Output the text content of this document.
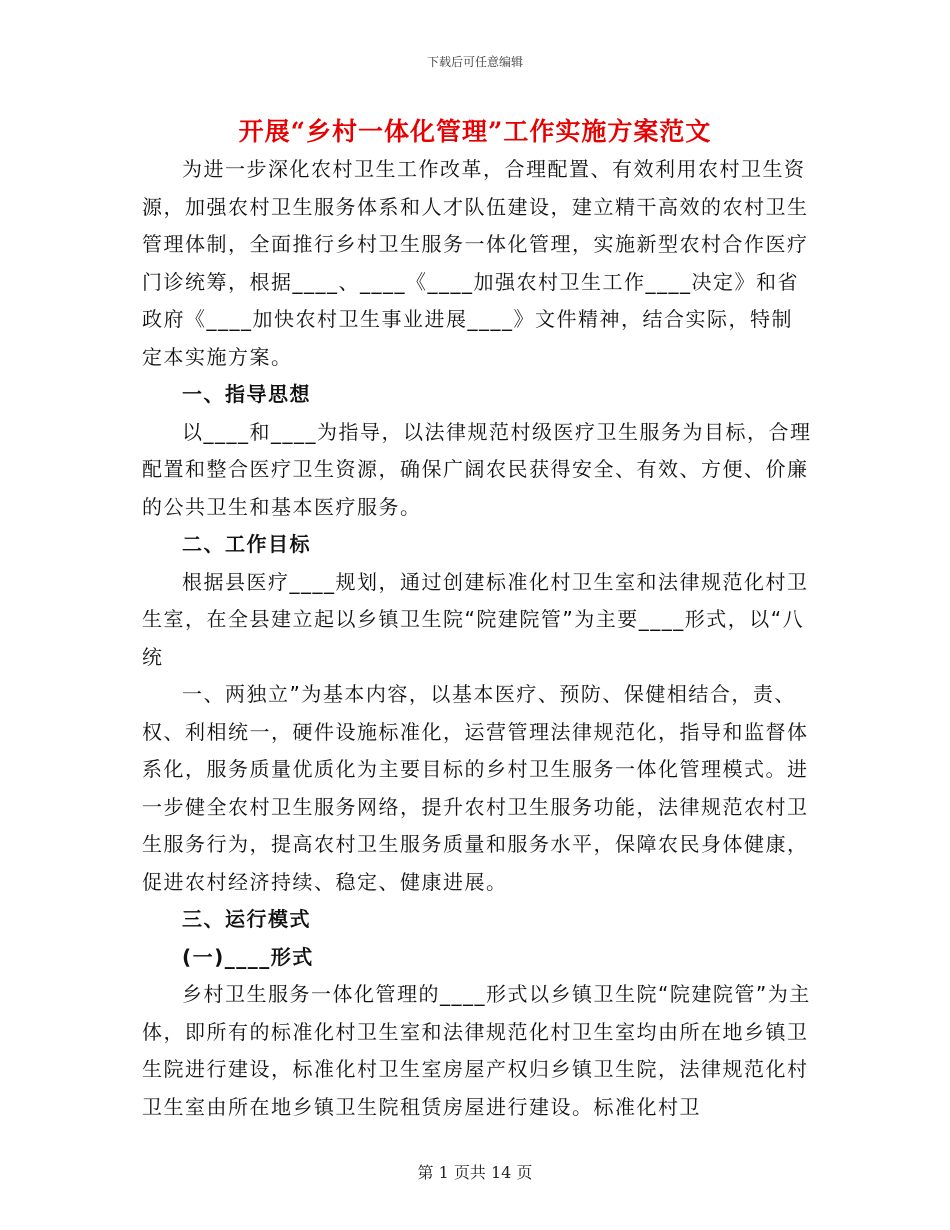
下载后可任意编辑
开展“乡村一体化管理”工作实施方案范文

为进一步深化农村卫生工作改革，合理配置、有效利用农村卫生资源，加强农村卫生服务体系和人才队伍建设，建立精干高效的农村卫生管理体制，全面推行乡村卫生服务一体化管理，实施新型农村合作医疗门诊统筹，根据____、____《____加强农村卫生工作____决定》和省政府《____加快农村卫生事业进展____》文件精神，结合实际，特制定本实施方案。

一、指导思想

以____和____为指导，以法律规范村级医疗卫生服务为目标，合理配置和整合医疗卫生资源，确保广阔农民获得安全、有效、方便、价廉的公共卫生和基本医疗服务。

二、工作目标

根据县医疗____规划，通过创建标准化村卫生室和法律规范化村卫生室，在全县建立起以乡镇卫生院“院建院管”为主要____形式，以“八统

一、两独立”为基本内容，以基本医疗、预防、保健相结合，责、权、利相统一，硬件设施标准化，运营管理法律规范化，指导和监督体系化，服务质量优质化为主要目标的乡村卫生服务一体化管理模式。进一步健全农村卫生服务网络，提升农村卫生服务功能，法律规范农村卫生服务行为，提高农村卫生服务质量和服务水平，保障农民身体健康，促进农村经济持续、稳定、健康进展。

三、运行模式
(一)____形式

乡村卫生服务一体化管理的____形式以乡镇卫生院“院建院管”为主体，即所有的标准化村卫生室和法律规范化村卫生室均由所在地乡镇卫生院进行建设，标准化村卫生室房屋产权归乡镇卫生院，法律规范化村卫生室由所在地乡镇卫生院租赁房屋进行建设。标准化村卫

第 1 页共 14 页
